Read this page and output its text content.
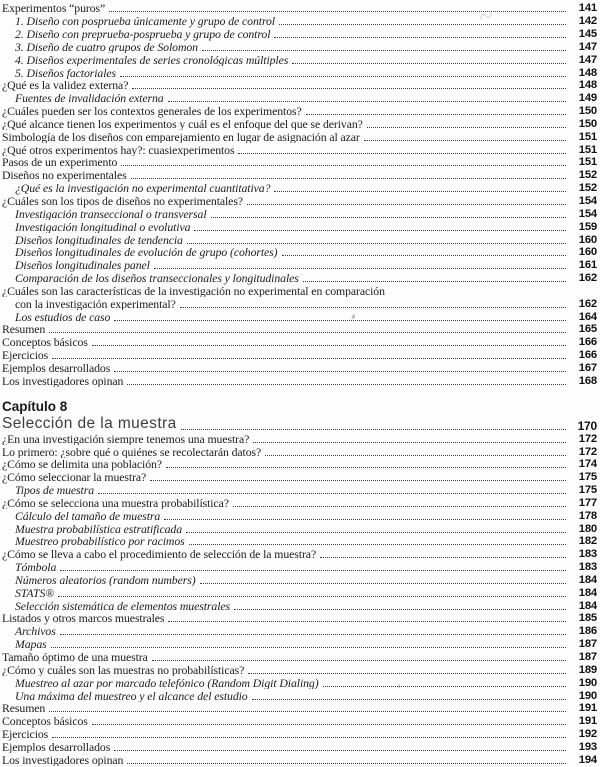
Experimentos “puros”	141
1. Diseño con posprueba únicamente y grupo de control	142
2. Diseño con preprueba-posprueba y grupo de control	145
3. Diseño de cuatro grupos de Solomon	147
4. Diseños experimentales de series cronológicas múltiples	147
5. Diseños factoriales	148
¿Qué es la validez externa?	148
Fuentes de invalidación externa	149
¿Cuáles pueden ser los contextos generales de los experimentos?	150
¿Qué alcance tienen los experimentos y cuál es el enfoque del que se derivan?	150
Simbología de los diseños con emparejamiento en lugar de asignación al azar	151
¿Qué otros experimentos hay?: cuasiexperimentos	151
Pasos de un experimento	151
Diseños no experimentales	152
¿Qué es la investigación no experimental cuantitativa?	152
¿Cuáles son los tipos de diseños no experimentales?	154
Investigación transeccional o transversal	154
Investigación longitudinal o evolutiva	159
Diseños longitudinales de tendencia	160
Diseños longitudinales de evolución de grupo (cohortes)	160
Diseños longitudinales panel	161
Comparación de los diseños transeccionales y longitudinales	162
¿Cuáles son las características de la investigación no experimental en comparación
con la investigación experimental?	162
Los estudios de caso	164
Resumen	165
Conceptos básicos	166
Ejercicios	166
Ejemplos desarrollados	167
Los investigadores opinan	168
Capítulo 8
Selección de la muestra	170
¿En una investigación siempre tenemos una muestra?	172
Lo primero: ¿sobre qué o quiénes se recolectarán datos?	172
¿Cómo se delimita una población?	174
¿Cómo seleccionar la muestra?	175
Tipos de muestra	175
¿Cómo se selecciona una muestra probabilística?	177
Cálculo del tamaño de muestra	178
Muestra probabilística estratificada	180
Muestreo probabilístico por racimos	182
¿Cómo se lleva a cabo el procedimiento de selección de la muestra?	183
Tómbola	183
Números aleatorios (random numbers)	184
STATS®	184
Selección sistemática de elementos muestrales	184
Listados y otros marcos muestrales	185
Archivos	186
Mapas	187
Tamaño óptimo de una muestra	187
¿Cómo y cuáles son las muestras no probabilísticas?	189
Muestreo al azar por marcado telefónico (Random Digit Dialing)	190
Una máxima del muestreo y el alcance del estudio	190
Resumen	191
Conceptos básicos	191
Ejercicios	192
Ejemplos desarrollados	193
Los investigadores opinan	194
